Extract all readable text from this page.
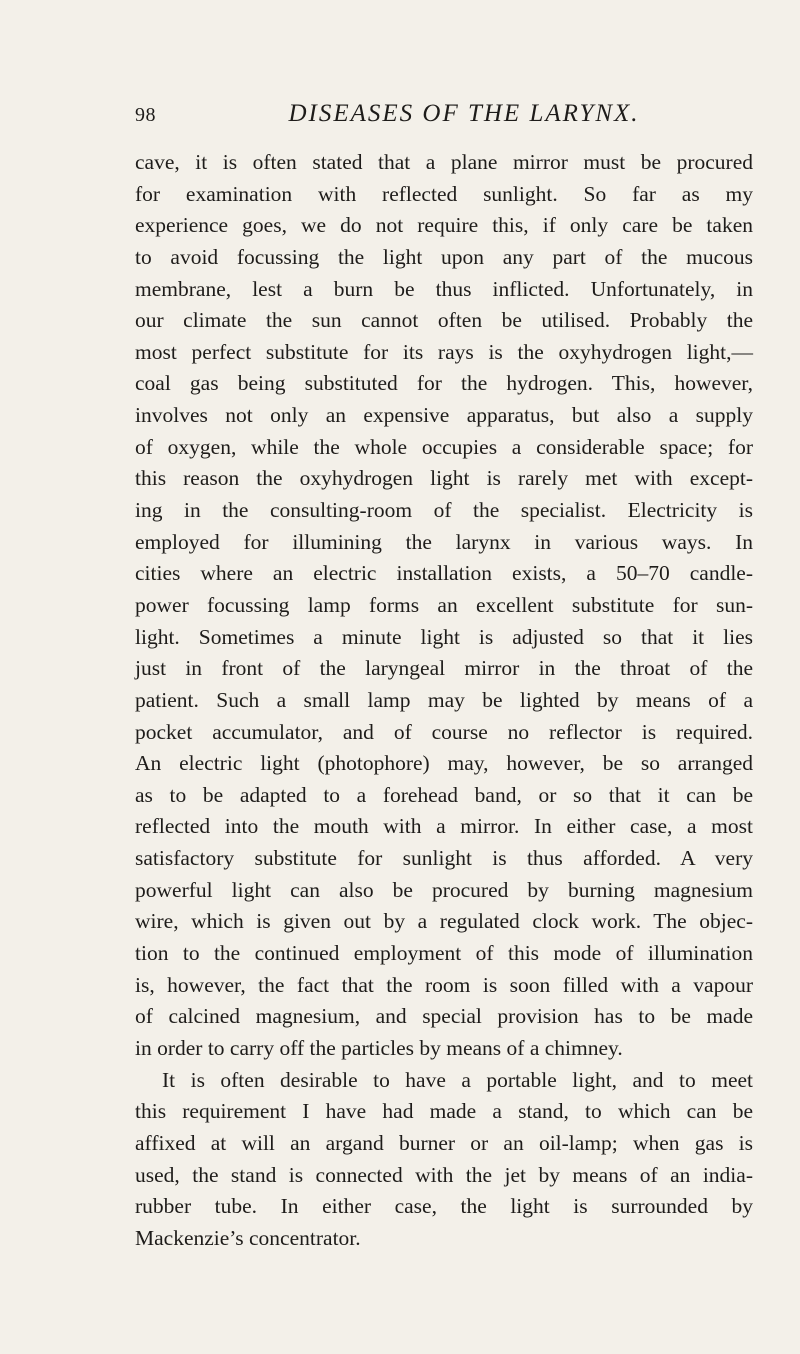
98	DISEASES OF THE LARYNX.
cave, it is often stated that a plane mirror must be procured
for examination with reflected sunlight. So far as my
experience goes, we do not require this, if only care be taken
to avoid focussing the light upon any part of the mucous
membrane, lest a burn be thus inflicted. Unfortunately, in
our climate the sun cannot often be utilised. Probably the
most perfect substitute for its rays is the oxyhydrogen light,—
coal gas being substituted for the hydrogen. This, however,
involves not only an expensive apparatus, but also a supply
of oxygen, while the whole occupies a considerable space; for
this reason the oxyhydrogen light is rarely met with except-
ing in the consulting-room of the specialist. Electricity is
employed for illumining the larynx in various ways. In
cities where an electric installation exists, a 50–70 candle-
power focussing lamp forms an excellent substitute for sun-
light. Sometimes a minute light is adjusted so that it lies
just in front of the laryngeal mirror in the throat of the
patient. Such a small lamp may be lighted by means of a
pocket accumulator, and of course no reflector is required.
An electric light (photophore) may, however, be so arranged
as to be adapted to a forehead band, or so that it can be
reflected into the mouth with a mirror. In either case, a most
satisfactory substitute for sunlight is thus afforded. A very
powerful light can also be procured by burning magnesium
wire, which is given out by a regulated clock work. The objec-
tion to the continued employment of this mode of illumination
is, however, the fact that the room is soon filled with a vapour
of calcined magnesium, and special provision has to be made
in order to carry off the particles by means of a chimney.
It is often desirable to have a portable light, and to meet
this requirement I have had made a stand, to which can be
affixed at will an argand burner or an oil-lamp; when gas is
used, the stand is connected with the jet by means of an india-
rubber tube. In either case, the light is surrounded by
Mackenzie’s concentrator.
